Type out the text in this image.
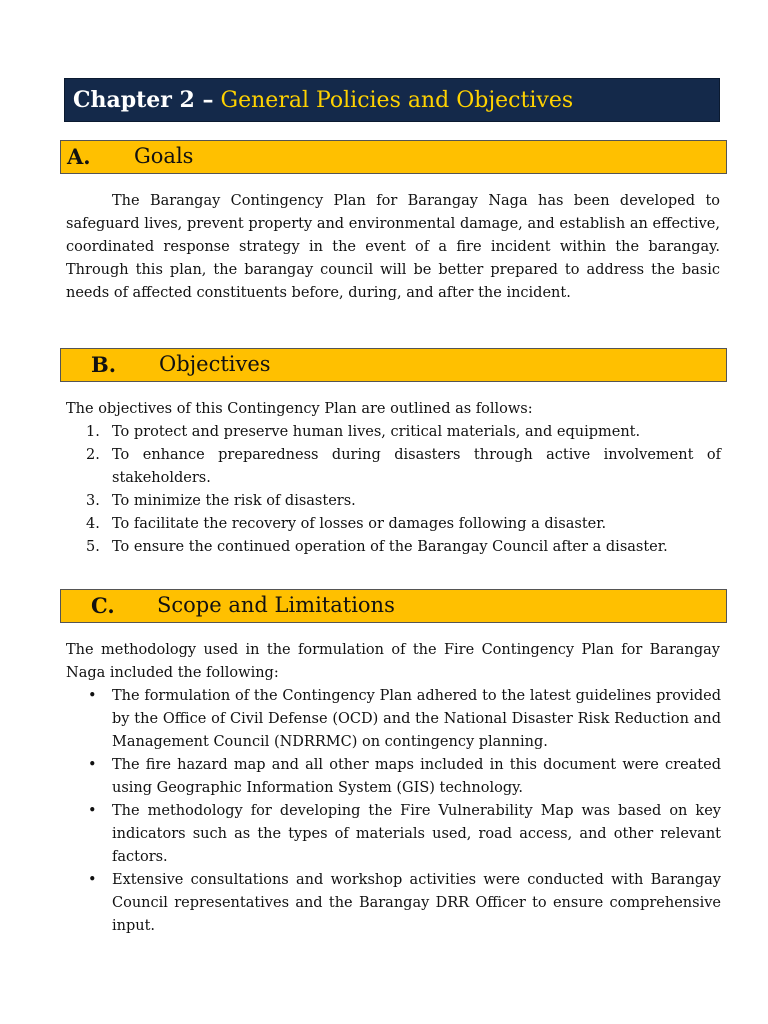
Chapter 2 – General Policies and Objectives
A. Goals

The Barangay Contingency Plan for Barangay Naga has been developed to safeguard lives, prevent property and environmental damage, and establish an effective, coordinated response strategy in the event of a fire incident within the barangay. Through this plan, the barangay council will be better prepared to address the basic needs of affected constituents before, during, and after the incident.

B. Objectives

The objectives of this Contingency Plan are outlined as follows:

1. To protect and preserve human lives, critical materials, and equipment.
2. To enhance preparedness during disasters through active involvement of stakeholders.
3. To minimize the risk of disasters.
4. To facilitate the recovery of losses or damages following a disaster.
5. To ensure the continued operation of the Barangay Council after a disaster.
C. Scope and Limitations

The methodology used in the formulation of the Fire Contingency Plan for Barangay Naga included the following:

• The formulation of the Contingency Plan adhered to the latest guidelines provided by the Office of Civil Defense (OCD) and the National Disaster Risk Reduction and Management Council (NDRRMC) on contingency planning.
• The fire hazard map and all other maps included in this document were created using Geographic Information System (GIS) technology.
• The methodology for developing the Fire Vulnerability Map was based on key indicators such as the types of materials used, road access, and other relevant factors.
• Extensive consultations and workshop activities were conducted with Barangay Council representatives and the Barangay DRR Officer to ensure comprehensive input.
